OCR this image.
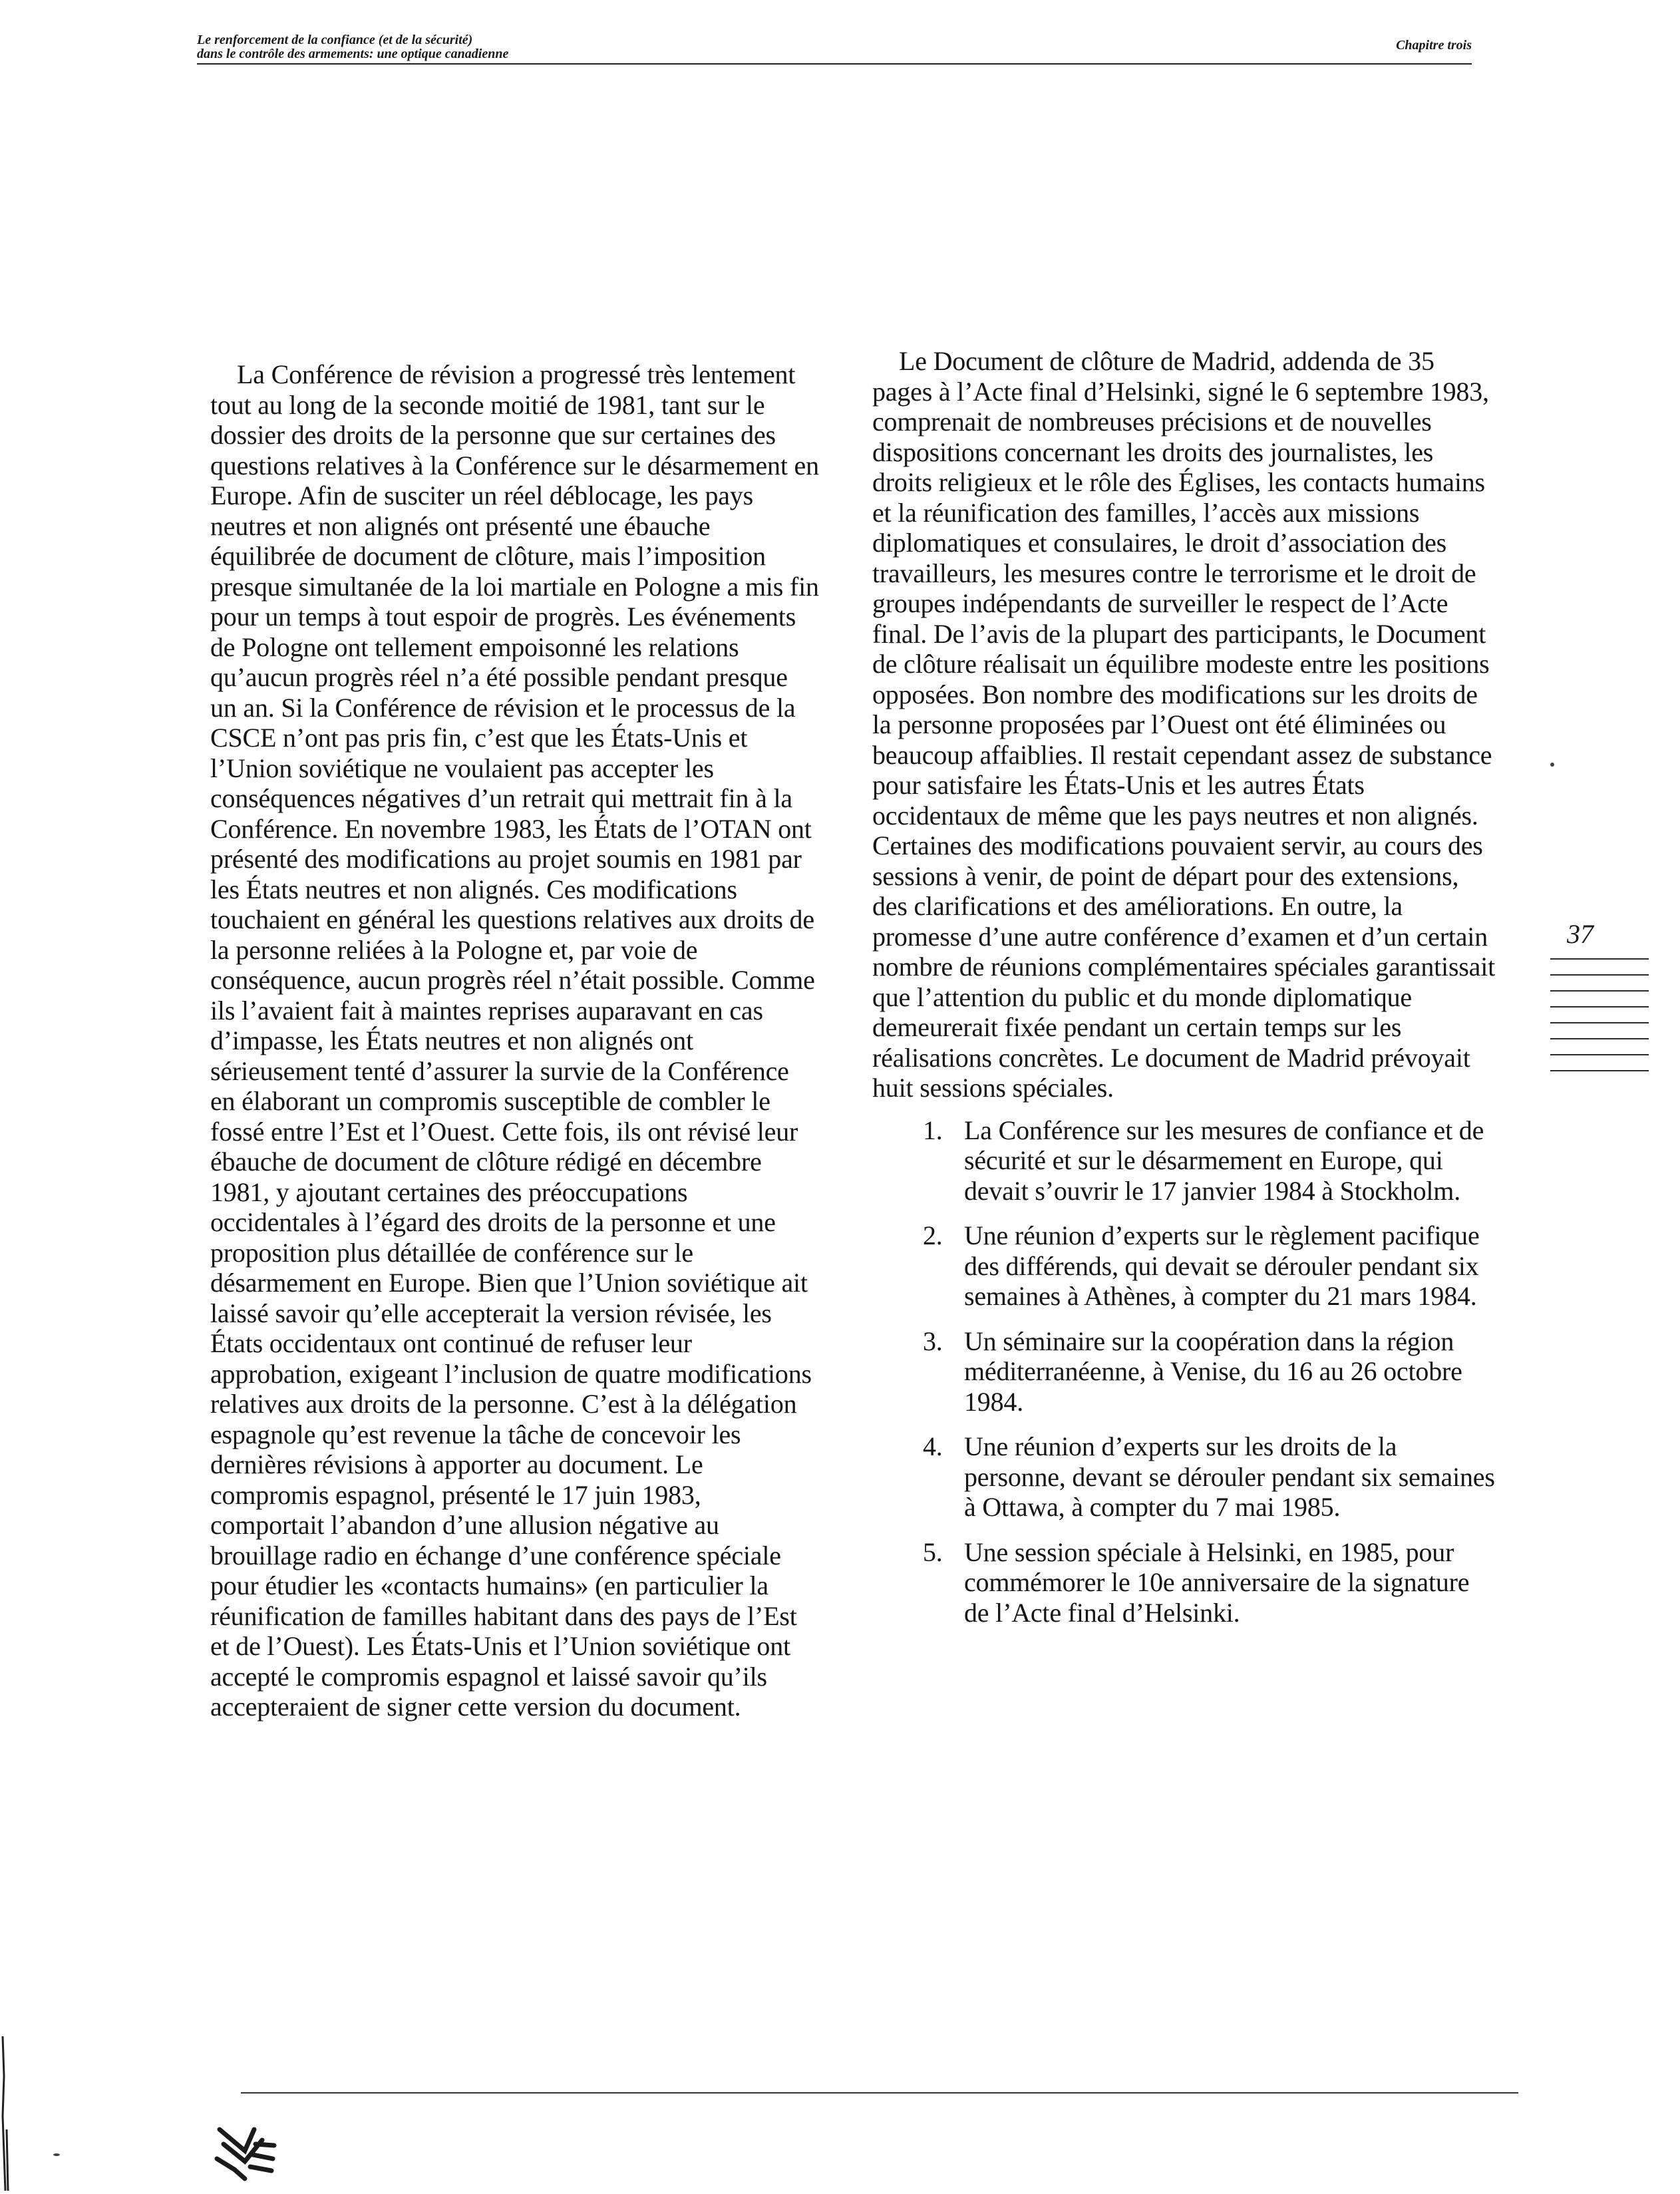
Le renforcement de la confiance (et de la sécurité)
dans le contrôle des armements: une optique canadienne
Chapitre trois

La Conférence de révision a progressé très lentement tout au long de la seconde moitié de 1981, tant sur le dossier des droits de la personne que sur certaines des questions relatives à la Conférence sur le désarmement en Europe. Afin de susciter un réel déblocage, les pays neutres et non alignés ont présenté une ébauche équilibrée de document de clôture, mais l’imposition presque simultanée de la loi martiale en Pologne a mis fin pour un temps à tout espoir de progrès. Les événements de Pologne ont tellement empoisonné les relations qu’aucun progrès réel n’a été possible pendant presque un an. Si la Conférence de révision et le processus de la CSCE n’ont pas pris fin, c’est que les États-Unis et l’Union soviétique ne voulaient pas accepter les conséquences négatives d’un retrait qui mettrait fin à la Conférence. En novembre 1983, les États de l’OTAN ont présenté des modifications au projet soumis en 1981 par les États neutres et non alignés. Ces modifications touchaient en général les questions relatives aux droits de la personne reliées à la Pologne et, par voie de conséquence, aucun progrès réel n’était possible. Comme ils l’avaient fait à maintes reprises auparavant en cas d’impasse, les États neutres et non alignés ont sérieusement tenté d’assurer la survie de la Conférence en élaborant un compromis susceptible de combler le fossé entre l’Est et l’Ouest. Cette fois, ils ont révisé leur ébauche de document de clôture rédigé en décembre 1981, y ajoutant certaines des préoccupations occidentales à l’égard des droits de la personne et une proposition plus détaillée de conférence sur le désarmement en Europe. Bien que l’Union soviétique ait laissé savoir qu’elle accepterait la version révisée, les États occidentaux ont continué de refuser leur approbation, exigeant l’inclusion de quatre modifications relatives aux droits de la personne. C’est à la délégation espagnole qu’est revenue la tâche de concevoir les dernières révisions à apporter au document. Le compromis espagnol, présenté le 17 juin 1983, comportait l’abandon d’une allusion négative au brouillage radio en échange d’une conférence spéciale pour étudier les «contacts humains» (en particulier la réunification de familles habitant dans des pays de l’Est et de l’Ouest). Les États-Unis et l’Union soviétique ont accepté le compromis espagnol et laissé savoir qu’ils accepteraient de signer cette version du document.

Le Document de clôture de Madrid, addenda de 35 pages à l’Acte final d’Helsinki, signé le 6 septembre 1983, comprenait de nombreuses précisions et de nouvelles dispositions concernant les droits des journalistes, les droits religieux et le rôle des Églises, les contacts humains et la réunification des familles, l’accès aux missions diplomatiques et consulaires, le droit d’association des travailleurs, les mesures contre le terrorisme et le droit de groupes indépendants de surveiller le respect de l’Acte final. De l’avis de la plupart des participants, le Document de clôture réalisait un équilibre modeste entre les positions opposées. Bon nombre des modifications sur les droits de la personne proposées par l’Ouest ont été éliminées ou beaucoup affaiblies. Il restait cependant assez de substance pour satisfaire les États-Unis et les autres États occidentaux de même que les pays neutres et non alignés. Certaines des modifications pouvaient servir, au cours des sessions à venir, de point de départ pour des extensions, des clarifications et des améliorations. En outre, la promesse d’une autre conférence d’examen et d’un certain nombre de réunions complémentaires spéciales garantissait que l’attention du public et du monde diplomatique demeurerait fixée pendant un certain temps sur les réalisations concrètes. Le document de Madrid prévoyait huit sessions spéciales.

1. La Conférence sur les mesures de confiance et de sécurité et sur le désarmement en Europe, qui devait s’ouvrir le 17 janvier 1984 à Stockholm.
2. Une réunion d’experts sur le règlement pacifique des différends, qui devait se dérouler pendant six semaines à Athènes, à compter du 21 mars 1984.
3. Un séminaire sur la coopération dans la région méditerranéenne, à Venise, du 16 au 26 octobre 1984.
4. Une réunion d’experts sur les droits de la personne, devant se dérouler pendant six semaines à Ottawa, à compter du 7 mai 1985.
5. Une session spéciale à Helsinki, en 1985, pour commémorer le 10e anniversaire de la signature de l’Acte final d’Helsinki.
37
